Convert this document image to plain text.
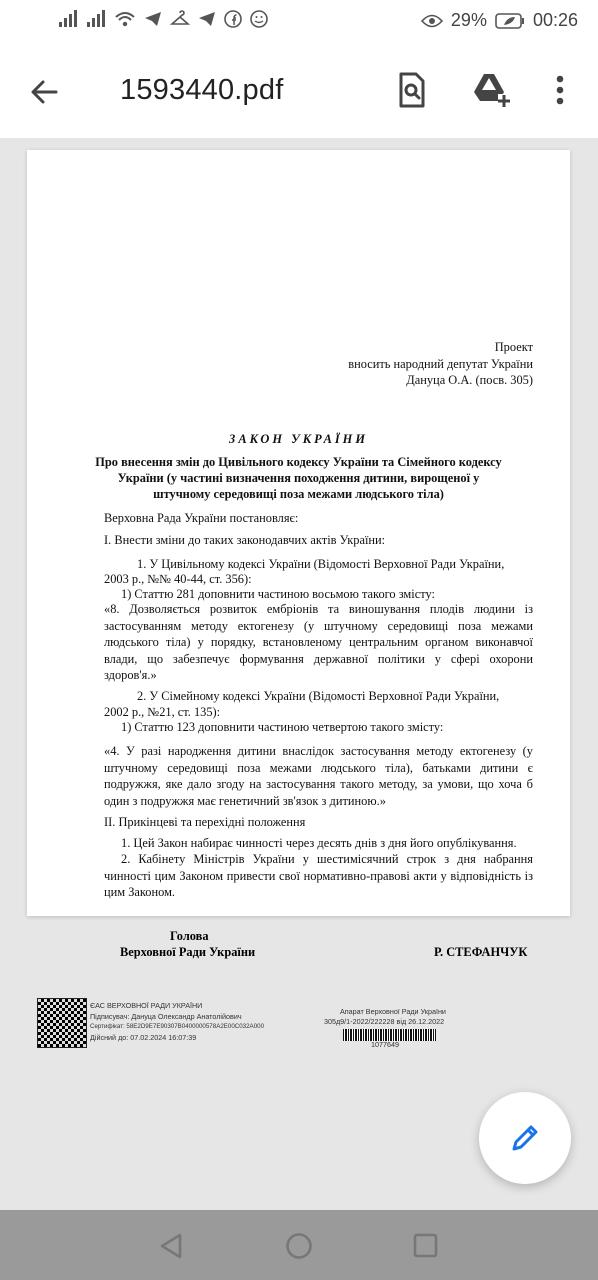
29%	00:26
1593440.pdf
Проект
вносить народний депутат України
Дануца О.А. (посв. 305)
ЗАКОН УКРАЇНИ
Про внесення змін до Цивільного кодексу України та Сімейного кодексу
України (у частині визначення походження дитини, вирощеної у
штучному середовищі поза межами людського тіла)
Верховна Рада України постановляє:
I. Внести зміни до таких законодавчих актів України:
1. У Цивільному кодексі України (Відомості Верховної Ради України,
2003 р., №№ 40-44, ст. 356):
1) Статтю 281 доповнити частиною восьмою такого змісту:
«8. Дозволяється розвиток ембріонів та виношування плодів людини із застосуванням методу ектогенезу (у штучному середовищі поза межами людського тіла) у порядку, встановленому центральним органом виконавчої влади, що забезпечує формування державної політики у сфері охорони здоров'я.»
2. У Сімейному кодексі України (Відомості Верховної Ради України,
2002 р., №21, ст. 135):
1) Статтю 123 доповнити частиною четвертою такого змісту:
«4. У разі народження дитини внаслідок застосування методу ектогенезу (у штучному середовищі поза межами людського тіла), батьками дитини є подружжя, яке дало згоду на застосування такого методу, за умови, що хоча б один з подружжя має генетичний зв'язок з дитиною.»
II. Прикінцеві та перехідні положення
1. Цей Закон набирає чинності через десять днів з дня його опублікування.
2. Кабінету Міністрів України у шестимісячний строк з дня набрання чинності цим Законом привести свої нормативно-правові акти у відповідність із цим Законом.
Голова
Верховної Ради України	Р. СТЕФАНЧУК
ЄАС ВЕРХОВНОЇ РАДИ УКРАЇНИ
Підписувач: Дануца Олександр Анатолійович
Сертифікат: 58E2D9E7E90307B0400000578A2E00C032A000
Дійсний до: 07.02.2024 16:07:39
Апарат Верховної Ради України
305д9/1-2022/222228 від 26.12.2022
1077649
